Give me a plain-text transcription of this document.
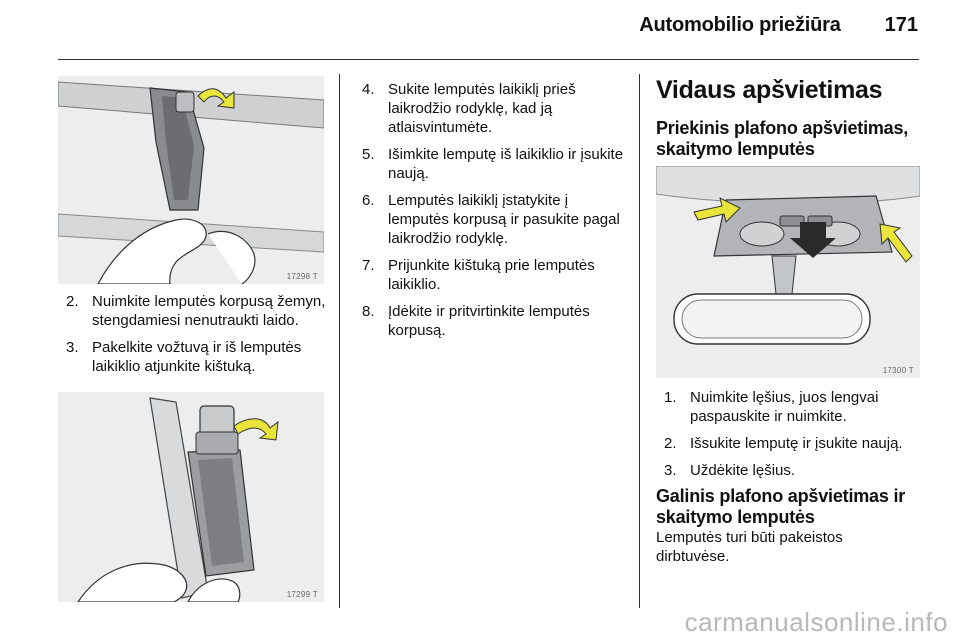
Automobilio priežiūra 171
17298 T
2. Nuimkite lemputės korpusą žemyn, stengdamiesi nenutraukti laido.
3. Pakelkite vožtuvą ir iš lemputės laikiklio atjunkite kištuką.
17299 T
4. Sukite lemputės laikiklį prieš laikrodžio rodyklę, kad ją atlaisvintumėte.
5. Išimkite lemputę iš laikiklio ir įsukite naują.
6. Lemputės laikiklį įstatykite į lemputės korpusą ir pasukite pagal laikrodžio rodyklę.
7. Prijunkite kištuką prie lemputės laikiklio.
8. Įdėkite ir pritvirtinkite lemputės korpusą.
Vidaus apšvietimas
Priekinis plafono apšvietimas, skaitymo lemputės
17300 T
1. Nuimkite lęšius, juos lengvai paspauskite ir nuimkite.
2. Išsukite lemputę ir įsukite naują.
3. Uždėkite lęšius.
Galinis plafono apšvietimas ir skaitymo lemputės
Lemputės turi būti pakeistos dirbtuvėse.
carmanualsonline.info
